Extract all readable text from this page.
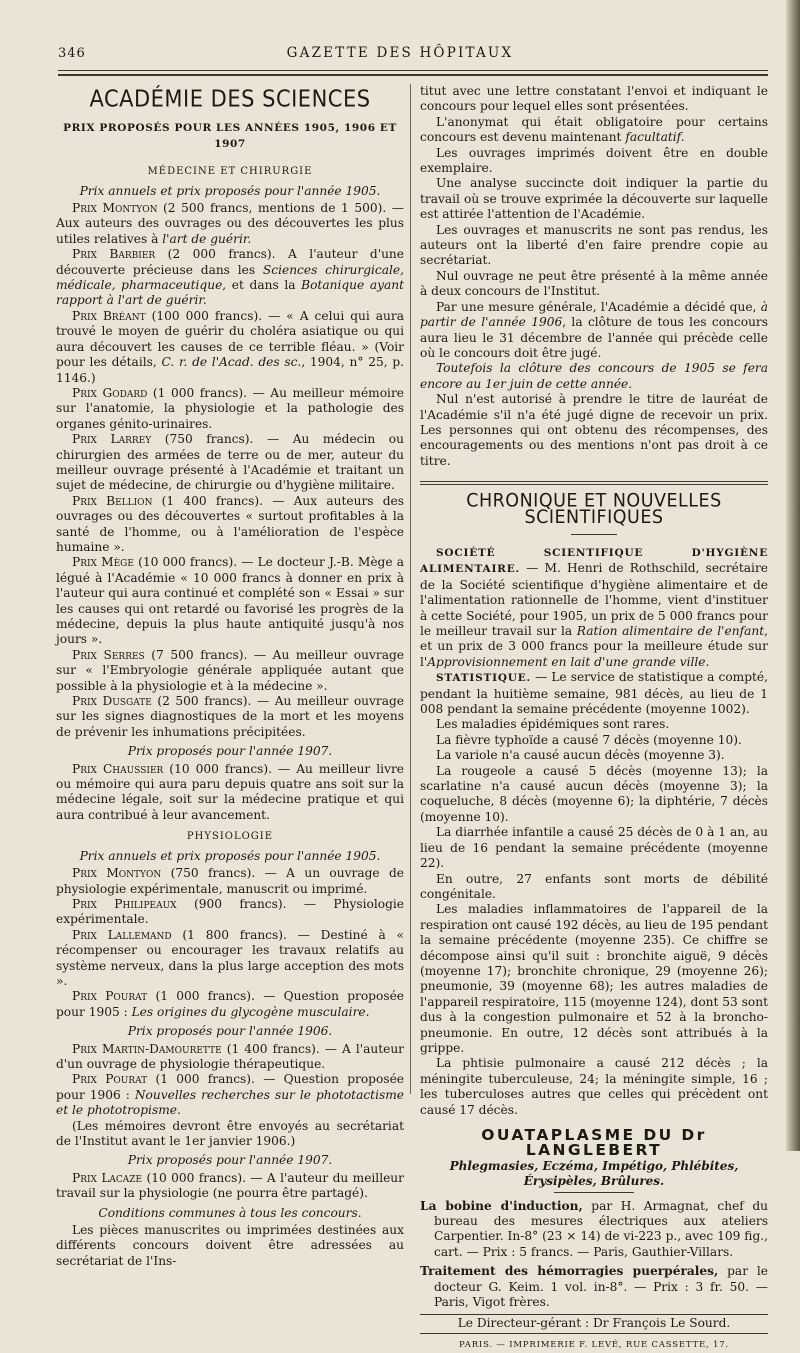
346	GAZETTE DES HÔPITAUX
ACADÉMIE DES SCIENCES
PRIX PROPOSÉS POUR LES ANNÉES 1905, 1906 ET 1907
MÉDECINE ET CHIRURGIE

Prix annuels et prix proposés pour l'année 1905.

Prix Montyon (2 500 francs, mentions de 1 500). — Aux auteurs des ouvrages ou des découvertes les plus utiles relatives à l'art de guérir.

Prix Barbier (2 000 francs). A l'auteur d'une découverte précieuse dans les Sciences chirurgicale, médicale, pharmaceutique, et dans la Botanique ayant rapport à l'art de guérir.

Prix Bréant (100 000 francs). — « A celui qui aura trouvé le moyen de guérir du choléra asiatique ou qui aura découvert les causes de ce terrible fléau. » (Voir pour les détails, C. r. de l'Acad. des sc., 1904, n° 25, p. 1146.)

Prix Godard (1 000 francs). — Au meilleur mémoire sur l'anatomie, la physiologie et la pathologie des organes génito-urinaires.

Prix Larrey (750 francs). — Au médecin ou chirurgien des armées de terre ou de mer, auteur du meilleur ouvrage présenté à l'Académie et traitant un sujet de médecine, de chirurgie ou d'hygiène militaire.

Prix Bellion (1 400 francs). — Aux auteurs des ouvrages ou des découvertes « surtout profitables à la santé de l'homme, ou à l'amélioration de l'espèce humaine ».

Prix Mège (10 000 francs). — Le docteur J.-B. Mège a légué à l'Académie « 10 000 francs à donner en prix à l'auteur qui aura continué et complété son « Essai » sur les causes qui ont retardé ou favorisé les progrès de la médecine, depuis la plus haute antiquité jusqu'à nos jours ».

Prix Serres (7 500 francs). — Au meilleur ouvrage sur « l'Embryologie générale appliquée autant que possible à la physiologie et à la médecine ».

Prix Dusgate (2 500 francs). — Au meilleur ouvrage sur les signes diagnostiques de la mort et les moyens de prévenir les inhumations précipitées.

Prix proposés pour l'année 1907.

Prix Chaussier (10 000 francs). — Au meilleur livre ou mémoire qui aura paru depuis quatre ans soit sur la médecine légale, soit sur la médecine pratique et qui aura contribué à leur avancement.

PHYSIOLOGIE

Prix annuels et prix proposés pour l'année 1905.

Prix Montyon (750 francs). — A un ouvrage de physiologie expérimentale, manuscrit ou imprimé.

Prix Philipeaux (900 francs). — Physiologie expérimentale.

Prix Lallemand (1 800 francs). — Destiné à « récompenser ou encourager les travaux relatifs au système nerveux, dans la plus large acception des mots ».

Prix Pourat (1 000 francs). — Question proposée pour 1905 : Les origines du glycogène musculaire.

Prix proposés pour l'année 1906.

Prix Martin-Damourette (1 400 francs). — A l'auteur d'un ouvrage de physiologie thérapeutique.

Prix Pourat (1 000 francs). — Question proposée pour 1906 : Nouvelles recherches sur le phototactisme et le phototropisme.

(Les mémoires devront être envoyés au secrétariat de l'Institut avant le 1er janvier 1906.)

Prix proposés pour l'année 1907.

Prix Lacaze (10 000 francs). — A l'auteur du meilleur travail sur la physiologie (ne pourra être partagé).

Conditions communes à tous les concours.

Les pièces manuscrites ou imprimées destinées aux différents concours doivent être adressées au secrétariat de l'Ins-

titut avec une lettre constatant l'envoi et indiquant le concours pour lequel elles sont présentées.

L'anonymat qui était obligatoire pour certains concours est devenu maintenant facultatif.

Les ouvrages imprimés doivent être en double exemplaire.

Une analyse succincte doit indiquer la partie du travail où se trouve exprimée la découverte sur laquelle est attirée l'attention de l'Académie.

Les ouvrages et manuscrits ne sont pas rendus, les auteurs ont la liberté d'en faire prendre copie au secrétariat.

Nul ouvrage ne peut être présenté à la même année à deux concours de l'Institut.

Par une mesure générale, l'Académie a décidé que, à partir de l'année 1906, la clôture de tous les concours aura lieu le 31 décembre de l'année qui précède celle où le concours doit être jugé.

Toutefois la clôture des concours de 1905 se fera encore au 1er juin de cette année.

Nul n'est autorisé à prendre le titre de lauréat de l'Académie s'il n'a été jugé digne de recevoir un prix. Les personnes qui ont obtenu des récompenses, des encouragements ou des mentions n'ont pas droit à ce titre.

CHRONIQUE ET NOUVELLES SCIENTIFIQUES

SOCIÉTÉ SCIENTIFIQUE D'HYGIÈNE ALIMENTAIRE. — M. Henri de Rothschild, secrétaire de la Société scientifique d'hygiène alimentaire et de l'alimentation rationnelle de l'homme, vient d'instituer à cette Société, pour 1905, un prix de 5 000 francs pour le meilleur travail sur la Ration alimentaire de l'enfant, et un prix de 3 000 francs pour la meilleure étude sur l'Approvisionnement en lait d'une grande ville.

STATISTIQUE. — Le service de statistique a compté, pendant la huitième semaine, 981 décès, au lieu de 1 008 pendant la semaine précédente (moyenne 1002).

Les maladies épidémiques sont rares.

La fièvre typhoïde a causé 7 décès (moyenne 10).

La variole n'a causé aucun décès (moyenne 3).

La rougeole a causé 5 décès (moyenne 13); la scarlatine n'a causé aucun décès (moyenne 3); la coqueluche, 8 décès (moyenne 6); la diphtérie, 7 décès (moyenne 10).

La diarrhée infantile a causé 25 décès de 0 à 1 an, au lieu de 16 pendant la semaine précédente (moyenne 22).

En outre, 27 enfants sont morts de débilité congénitale.

Les maladies inflammatoires de l'appareil de la respiration ont causé 192 décès, au lieu de 195 pendant la semaine précédente (moyenne 235). Ce chiffre se décompose ainsi qu'il suit : bronchite aiguë, 9 décès (moyenne 17); bronchite chronique, 29 (moyenne 26); pneumonie, 39 (moyenne 68); les autres maladies de l'appareil respiratoire, 115 (moyenne 124), dont 53 sont dus à la congestion pulmonaire et 52 à la broncho-pneumonie. En outre, 12 décès sont attribués à la grippe.

La phtisie pulmonaire a causé 212 décès ; la méningite tuberculeuse, 24; la méningite simple, 16 ; les tuberculoses autres que celles qui précèdent ont causé 17 décès.

OUATAPLASME DU Dr LANGLEBERT
Phlegmasies, Eczéma, Impétigo, Phlébites, Érysipèles, Brûlures.

La bobine d'induction, par H. Armagnat, chef du bureau des mesures électriques aux ateliers Carpentier. In-8° (23 × 14) de vi-223 p., avec 109 fig., cart. — Prix : 5 francs. — Paris, Gauthier-Villars.

Traitement des hémorragies puerpérales, par le docteur G. Keim. 1 vol. in-8°. — Prix : 3 fr. 50. — Paris, Vigot frères.

Le Directeur-gérant : Dr François Le Sourd.

PARIS. — IMPRIMERIE F. LEVÉ, RUE CASSETTE, 17.
